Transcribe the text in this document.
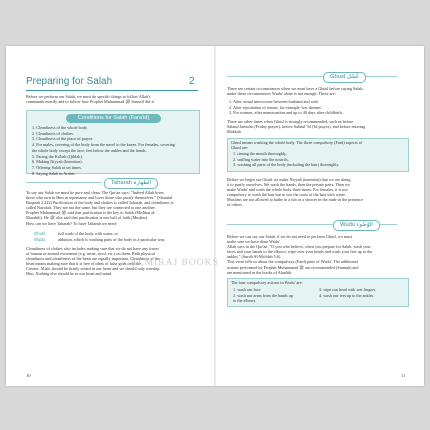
Preparing for Salah	2
Before we perform our Salah, we must do specific things to follow Allah's
commands exactly and to follow how Prophet Muhammad ﷺ himself did it.
Conditions for Salah (Fara'id)
1. Cleanliness of the whole body.
2. Cleanliness of clothes.
3. Cleanliness of the place of prayer.
4. For males, covering of the body from the navel to the knees. For females, covering
the whole body except the face, feet below the ankles and the hands.
5. Facing the Ka'bah (Qiblah).
6. Making Niyyah (Intention).
7. Offering Salah at set times.
8. Saying Salah in Arabic.
Taharah الطهارة
To say our Salah we must be pure and clean. The Qur'an says: "Indeed Allah loves
those who turn to Him in repentance and loves those who purify themselves." (Sharatul
Baqarah 2:222) Purification of the body and clothes is called Taharah, and cleanliness is
called Nazafah. They are not the same, but they are connected to one another.
Prophet Muhammad ﷺ said that purification is the key to Salah (Mishkat al-
Masabih). He ﷺ also said that purification is one half of faith (Muslim).
How can we have Taharah? To have Taharah we need:
Ghusl	full wash of the body with water, or
Wudu	ablution, which is washing parts of the body in a particular way.
Cleanliness of clothes also includes making sure that we do not have any traces
of human or animal excrement (e.g. urine, stool, etc.) on them. Both physical
cleanliness and cleanliness of the heart are equally important. Cleanliness of the
heart means making sure that it is free of ideas of false gods only the
Creator, Allah, should be firmly seated in our heart and we should only worship
Him. Nothing else should be in our heart and mind.
10
Ghusl غُسْل
There are certain circumstances when we must have a Ghusl before saying Salah;
under these circumstances Wudu' alone is not enough. These are:
1. After actual intercourse between husband and wife.
2. After ejaculation of semen, for example 'wet dreams'.
3. For women, after menstruation and up to 40 days after childbirth.
There are other times when Ghusl is strongly recommended, such as before
Salatul Jumu'ah (Friday prayer), before Salatul 'Id ('Id prayer), and before entering
Makkah.
Ghusl means washing the whole body. The three compulsory (Fard) aspects of
Ghusl are:
1. rinsing the mouth thoroughly,
2. sniffing water into the nostrils,
3. washing all parts of the body (including the hair) thoroughly.
Before we begin our Ghusl we make Niyyah (intention) that we are doing
it to purify ourselves. We wash the hands, then the private parts. Then we
make Wudu' and wash the whole body three times. For females, it is not
compulsory to wash the hair but to wet the roots of the hair with water.
Muslims are not allowed to bathe in a tub or a shower in the nude in the presence
of others.
Wudu الوُضُوء
Before we can say our Salah, if we do not need to perform Ghusl, we must
make sure we have done Wudu'.
Allah says in the Qur'an: "O you who believe, when you prepare for Salah, wash your
faces and your hands to the elbows; wipe over your heads and wash your feet up to the
ankles." (Surah Al-Ma'idah 5:6)
This verse tells us about the compulsory (Fard) parts of Wudu'. The additional
actions performed by Prophet Muhammad ﷺ are recommended (Sunnah) and
are mentioned in the books of Ahadith.
The four compulsory actions in Wudu' are:
1. wash our face
2. wash our arms from the hands up
to the elbows
3. wipe our head with wet fingers.
4. wash our feet up to the ankles.
11
ALMIRAJ BOOKS
